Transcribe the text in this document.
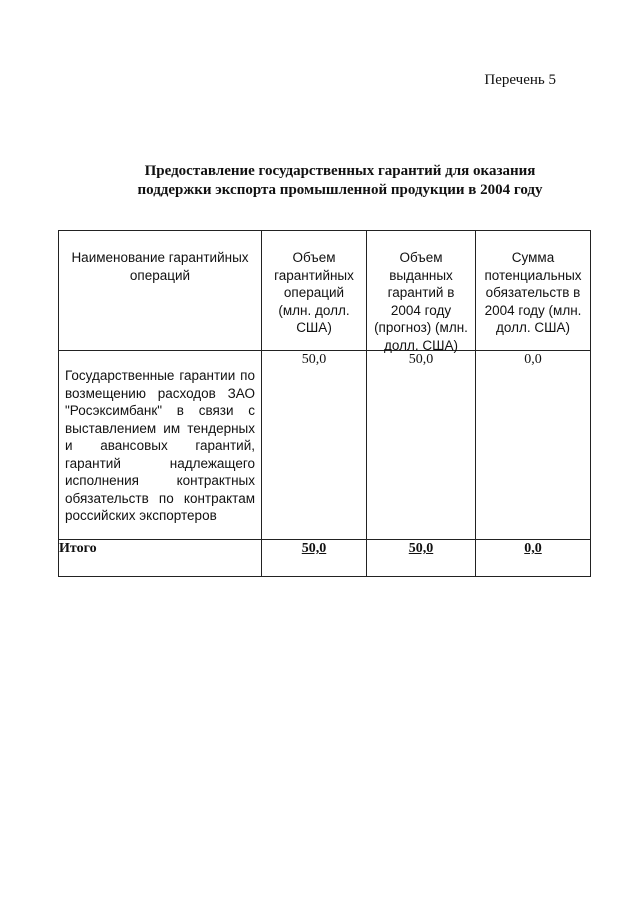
Перечень 5
Предоставление государственных гарантий для оказания
поддержки экспорта промышленной продукции в 2004 году
Наименование гарантийных операций	Объем гарантийных операций (млн. долл. США)	Объем выданных гарантий в 2004 году (прогноз) (млн. долл. США)	Сумма потенциальных обязательств в 2004 году (млн. долл. США)

Государственные гарантии по возмещению расходов ЗАО "Росэксимбанк" в связи с выставлением им тендерных и авансовых гарантий, гарантий надлежащего исполнения контрактных обязательств по контрактам российских экспортеров	50,0	50,0	0,0
Итого	50,0	50,0	0,0
